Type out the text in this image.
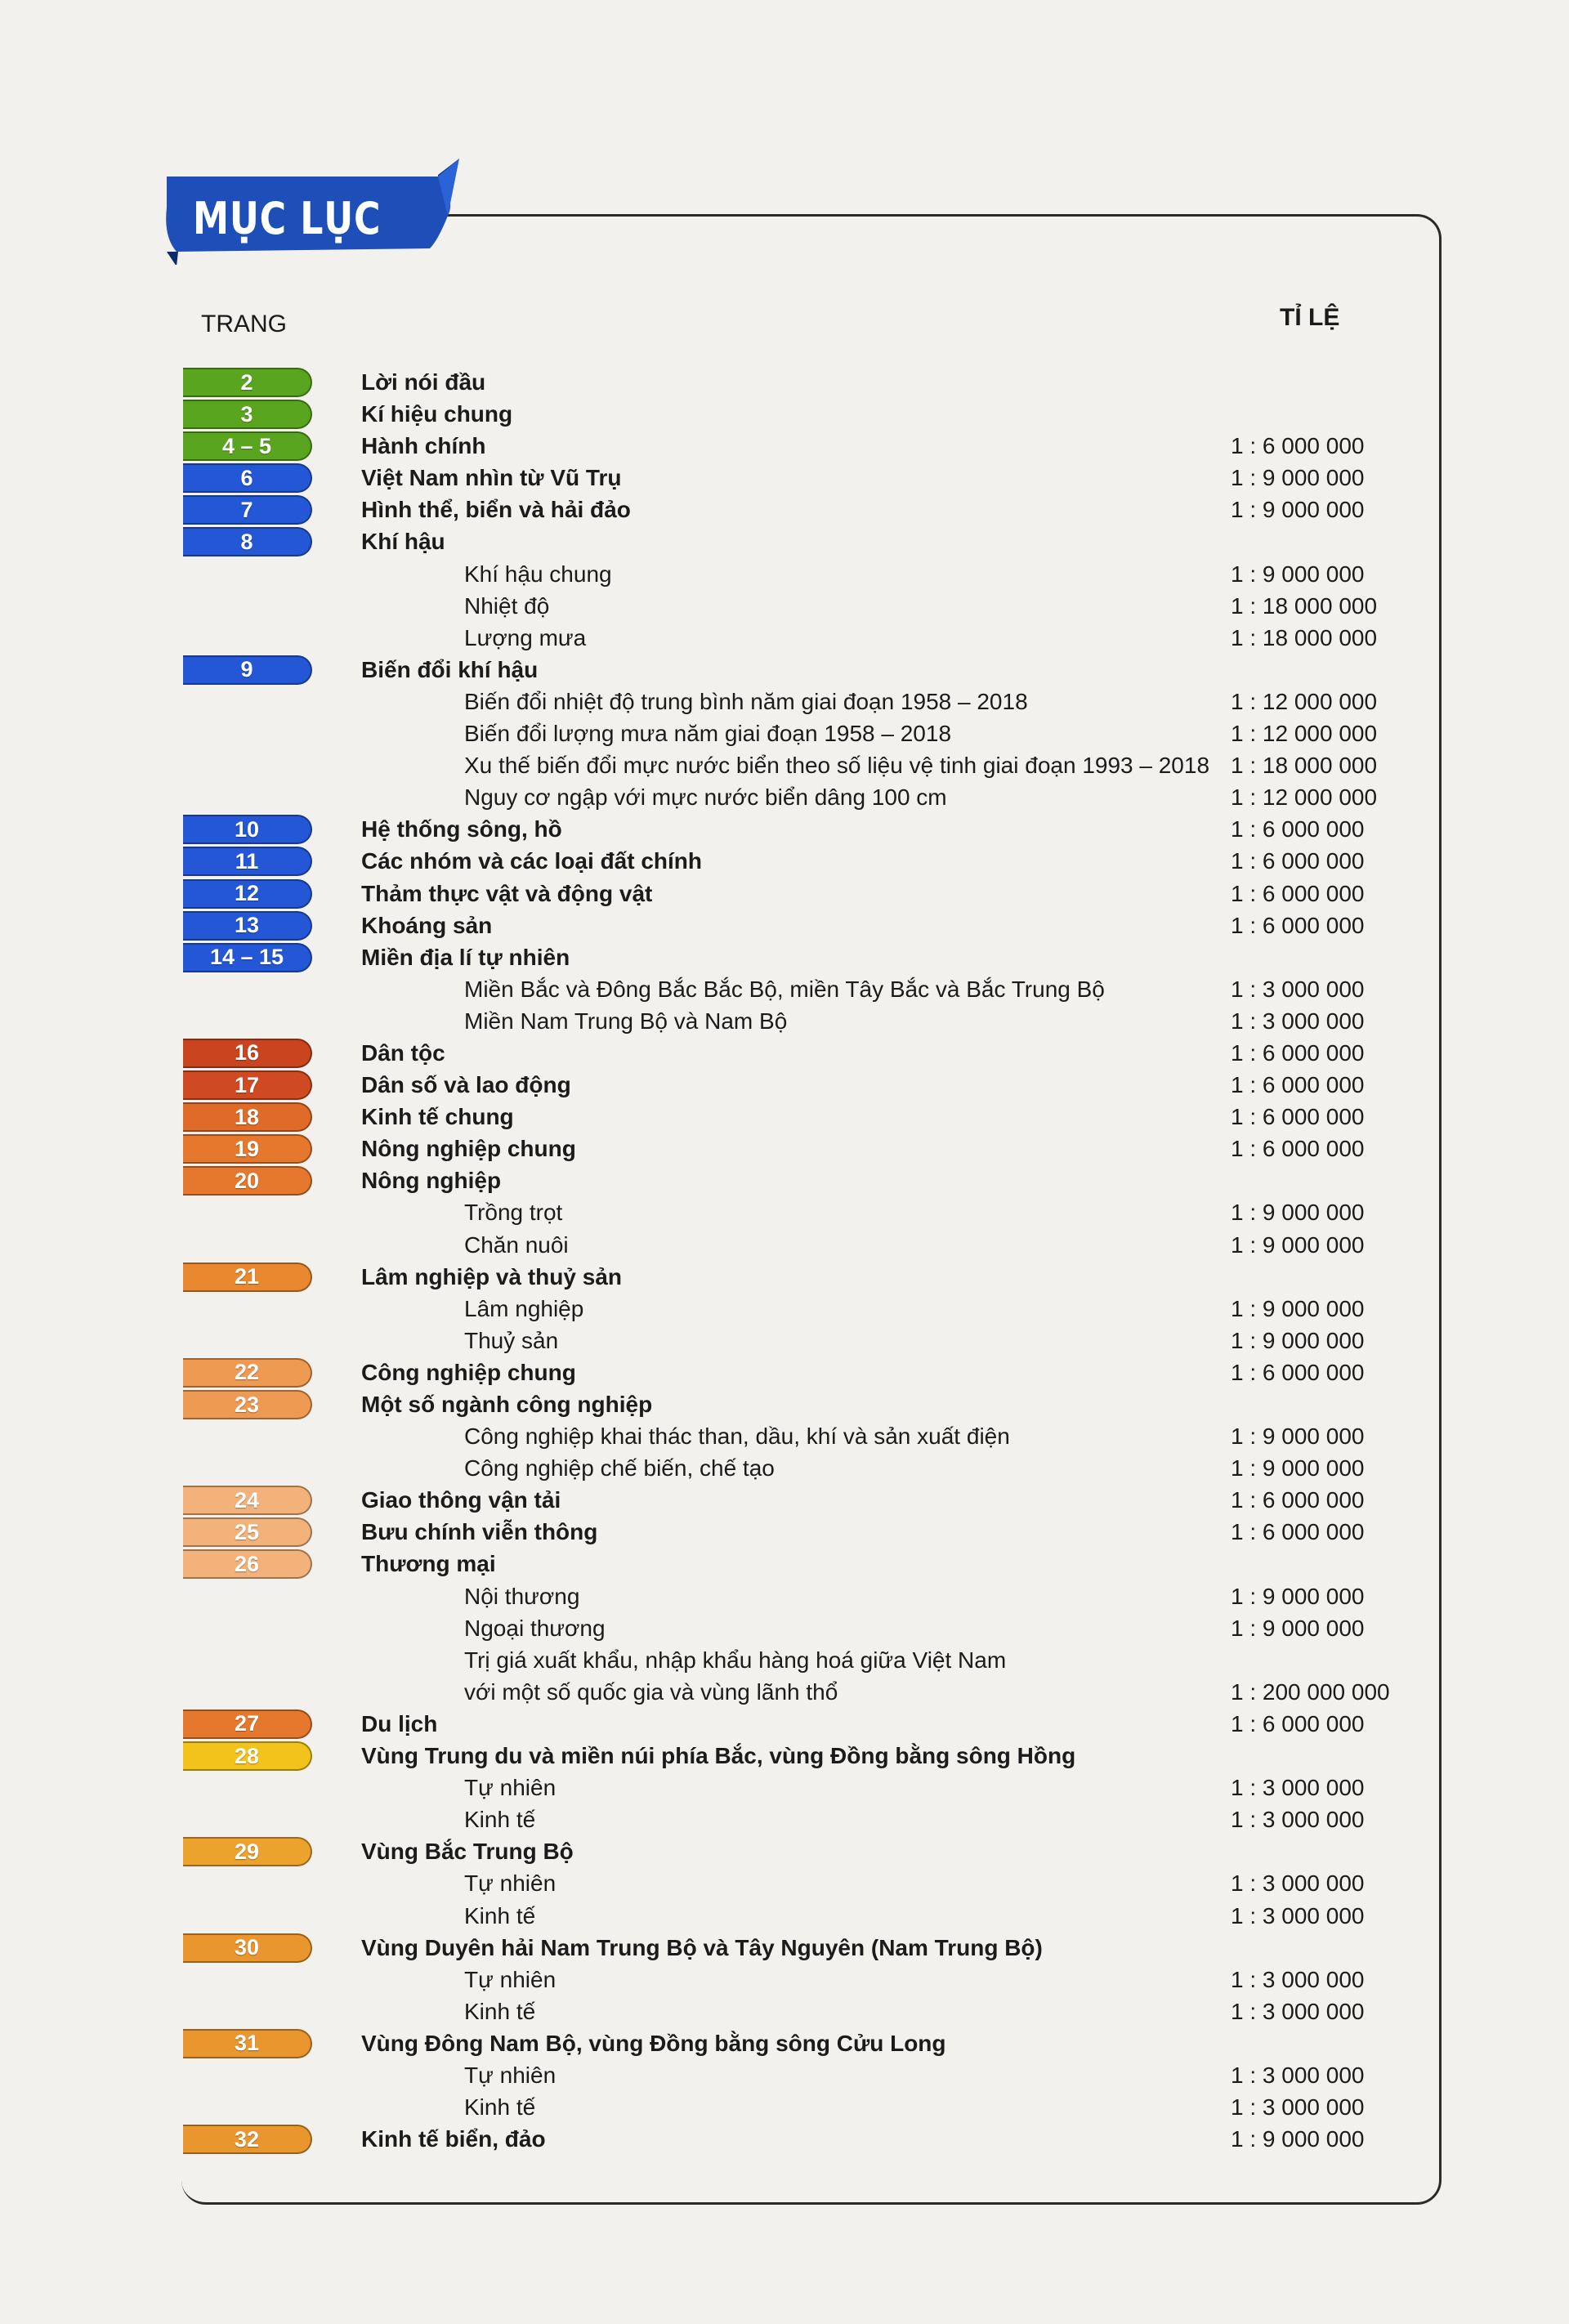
MỤC LỤC
TRANG	TỈ LỆ
2	Lời nói đầu
3	Kí hiệu chung
4 – 5	Hành chính	1 : 6 000 000
6	Việt Nam nhìn từ Vũ Trụ	1 : 9 000 000
7	Hình thể, biển và hải đảo	1 : 9 000 000
8	Khí hậu
Khí hậu chung	1 : 9 000 000
Nhiệt độ	1 : 18 000 000
Lượng mưa	1 : 18 000 000
9	Biến đổi khí hậu
Biến đổi nhiệt độ trung bình năm giai đoạn 1958 – 2018	1 : 12 000 000
Biến đổi lượng mưa năm giai đoạn 1958 – 2018	1 : 12 000 000
Xu thế biến đổi mực nước biển theo số liệu vệ tinh giai đoạn 1993 – 2018 1 : 18 000 000
Nguy cơ ngập với mực nước biển dâng 100 cm	1 : 12 000 000
10	Hệ thống sông, hồ	1 : 6 000 000
11	Các nhóm và các loại đất chính	1 : 6 000 000
12	Thảm thực vật và động vật	1 : 6 000 000
13	Khoáng sản	1 : 6 000 000
14 – 15	Miền địa lí tự nhiên
Miền Bắc và Đông Bắc Bắc Bộ, miền Tây Bắc và Bắc Trung Bộ	1 : 3 000 000
Miền Nam Trung Bộ và Nam Bộ	1 : 3 000 000
16	Dân tộc	1 : 6 000 000
17	Dân số và lao động	1 : 6 000 000
18	Kinh tế chung	1 : 6 000 000
19	Nông nghiệp chung	1 : 6 000 000
20	Nông nghiệp
Trồng trọt	1 : 9 000 000
Chăn nuôi	1 : 9 000 000
21	Lâm nghiệp và thuỷ sản
Lâm nghiệp	1 : 9 000 000
Thuỷ sản	1 : 9 000 000
22	Công nghiệp chung	1 : 6 000 000
23	Một số ngành công nghiệp
Công nghiệp khai thác than, dầu, khí và sản xuất điện	1 : 9 000 000
Công nghiệp chế biến, chế tạo	1 : 9 000 000
24	Giao thông vận tải	1 : 6 000 000
25	Bưu chính viễn thông	1 : 6 000 000
26	Thương mại
Nội thương	1 : 9 000 000
Ngoại thương	1 : 9 000 000
Trị giá xuất khẩu, nhập khẩu hàng hoá giữa Việt Nam
với một số quốc gia và vùng lãnh thổ	1 : 200 000 000
27	Du lịch	1 : 6 000 000
28	Vùng Trung du và miền núi phía Bắc, vùng Đồng bằng sông Hồng
Tự nhiên	1 : 3 000 000
Kinh tế	1 : 3 000 000
29	Vùng Bắc Trung Bộ
Tự nhiên	1 : 3 000 000
Kinh tế	1 : 3 000 000
30	Vùng Duyên hải Nam Trung Bộ và Tây Nguyên (Nam Trung Bộ)
Tự nhiên	1 : 3 000 000
Kinh tế	1 : 3 000 000
31	Vùng Đông Nam Bộ, vùng Đồng bằng sông Cửu Long
Tự nhiên	1 : 3 000 000
Kinh tế	1 : 3 000 000
32	Kinh tế biển, đảo	1 : 9 000 000
